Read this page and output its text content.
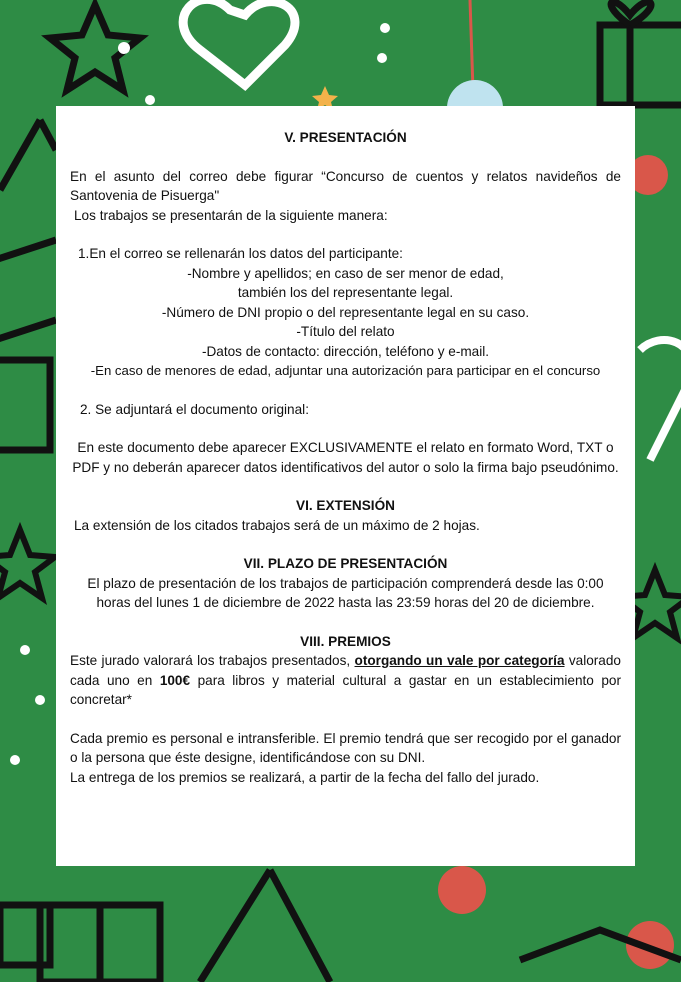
V. PRESENTACIÓN

En el asunto del correo debe figurar “Concurso de cuentos y relatos navideños de Santovenia de Pisuerga"

Los trabajos se presentarán de la siguiente manera:

1.En el correo se rellenarán los datos del participante:

-Nombre y apellidos; en caso de ser menor de edad,

también los del representante legal.

-Número de DNI propio o del representante legal en su caso.

-Título del relato

-Datos de contacto: dirección, teléfono y e-mail.

-En caso de menores de edad, adjuntar una autorización para participar en el concurso

2. Se adjuntará el documento original:

En este documento debe aparecer EXCLUSIVAMENTE el relato en formato Word, TXT o PDF y no deberán aparecer datos identificativos del autor o solo la firma bajo pseudónimo.

VI. EXTENSIÓN

La extensión de los citados trabajos será de un máximo de 2 hojas.

VII. PLAZO DE PRESENTACIÓN

El plazo de presentación de los trabajos de participación comprenderá desde las 0:00 horas del lunes 1 de diciembre de 2022 hasta las 23:59 horas del 20 de diciembre.

VIII. PREMIOS

Este jurado valorará los trabajos presentados, otorgando un vale por categoría valorado cada uno en 100€ para libros y material cultural a gastar en un establecimiento por concretar*

Cada premio es personal e intransferible. El premio tendrá que ser recogido por el ganador o la persona que éste designe, identificándose con su DNI.

La entrega de los premios se realizará, a partir de la fecha del fallo del jurado.
